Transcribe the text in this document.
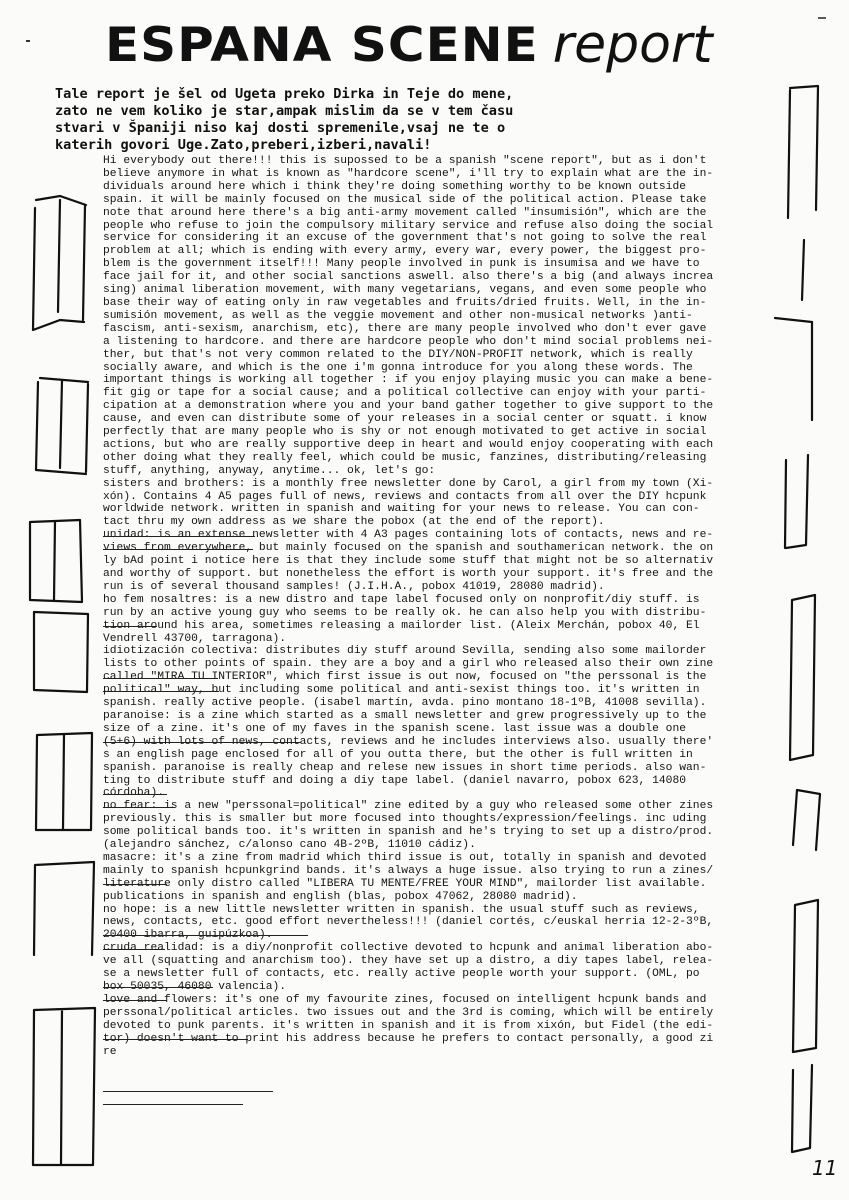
ESPANA SCENE report

Tale report je šel od Ugeta preko Dirka in Teje do mene,

zato ne vem koliko je star,ampak mislim da se v tem času

stvari v Španiji niso kaj dosti spremenile,vsaj ne te o

katerih govori Uge.Zato,preberi,izberi,navali!

Hi everybody out there!!! this is supossed to be a spanish "scene report", but as i don't

believe anymore in what is known as "hardcore scene", i'll try to explain what are the in-

dividuals around here which i think they're doing something worthy to be known outside

spain. it will be mainly focused on the musical side of the political action. Please take

note that around here there's a big anti-army movement called "insumisión", which are the

people who refuse to join the compulsory military service and refuse also doing the social

service for considering it an excuse of the government that's not going to solve the real

problem at all; which is ending with every army, every war, every power, the biggest pro-

blem is the government itself!!! Many people involved in punk is insumisa and we have to

face jail for it, and other social sanctions aswell. also there's a big (and always increa

sing) animal liberation movement, with many vegetarians, vegans, and even some people who

base their way of eating only in raw vegetables and fruits/dried fruits. Well, in the in-

sumisión movement, as well as the veggie movement and other non-musical networks )anti-

fascism, anti-sexism, anarchism, etc), there are many people involved who don't ever gave

a listening to hardcore. and there are hardcore people who don't mind social problems nei-

ther, but that's not very common related to the DIY/NON-PROFIT network, which is really

socially aware, and which is the one i'm gonna introduce for you along these words. The

important things is working all together : if you enjoy playing music you can make a bene-

fit gig or tape for a social cause; and a political collective can enjoy with your parti-

cipation at a demonstration where you and your band gather together to give support to the

cause, and even can distribute some of your releases in a social center or squatt. i know

perfectly that are many people who is shy or not enough motivated to get active in social

actions, but who are really supportive deep in heart and would enjoy cooperating with each

other doing what they really feel, which could be music, fanzines, distributing/releasing

stuff, anything, anyway, anytime... ok, let's go:

sisters and brothers: is a monthly free newsletter done by Carol, a girl from my town (Xi-

xón). Contains 4 A5 pages full of news, reviews and contacts from all over the DIY hcpunk

worldwide network. written in spanish and waiting for your news to release. You can con-

tact thru my own address as we share the pobox (at the end of the report).

unidad: is an extense newsletter with 4 A3 pages containing lots of contacts, news and re-

views from everywhere, but mainly focused on the spanish and southamerican network. the on

ly bAd point i notice here is that they include some stuff that might not be so alternativ

and worthy of support. but nonetheless the effort is worth your support. it's free and the

run is of several thousand samples! (J.I.H.A., pobox 41019, 28080 madrid).

ho fem nosaltres: is a new distro and tape label focused only on nonprofit/diy stuff. is

run by an active young guy who seems to be really ok. he can also help you with distribu-

tion around his area, sometimes releasing a mailorder list. (Aleix Merchán, pobox 40, El

Vendrell 43700, tarragona).

idiotización colectiva: distributes diy stuff around Sevilla, sending also some mailorder

lists to other points of spain. they are a boy and a girl who released also their own zine

called "MIRA TU INTERIOR", which first issue is out now, focused on "the perssonal is the

political" way, but including some political and anti-sexist things too. it's written in

spanish. really active people. (isabel martín, avda. pino montano 18-1ºB, 41008 sevilla).

paranoise: is a zine which started as a small newsletter and grew progressively up to the

size of a zine. it's one of my faves in the spanish scene. last issue was a double one

(5+6) with lots of news, contacts, reviews and he includes interviews also. usually there'

s an english page enclosed for all of you outta there, but the other is full written in

spanish. paranoise is really cheap and relese new issues in short time periods. also wan-

ting to distribute stuff and doing a diy tape label. (daniel navarro, pobox 623, 14080

córdoba).

no fear: is a new "perssonal=political" zine edited by a guy who released some other zines

previously. this is smaller but more focused into thoughts/expression/feelings. inc uding

some political bands too. it's written in spanish and he's trying to set up a distro/prod.

(alejandro sánchez, c/alonso cano 4B-2ºB, 11010 cádiz).

masacre: it's a zine from madrid which third issue is out, totally in spanish and devoted

mainly to spanish hcpunkgrind bands. it's always a huge issue. also trying to run a zines/

literature only distro called "LIBERA TU MENTE/FREE YOUR MIND", mailorder list available.

publications in spanish and english (blas, pobox 47062, 28080 madrid).

no hope: is a new little newsletter written in spanish. the usual stuff such as reviews,

news, contacts, etc. good effort nevertheless!!! (daniel cortés, c/euskal herria 12-2-3ºB,

20400 ibarra, guipúzkoa).

cruda realidad: is a diy/nonprofit collective devoted to hcpunk and animal liberation abo-

ve all (squatting and anarchism too). they have set up a distro, a diy tapes label, relea-

se a newsletter full of contacts, etc. really active people worth your support. (OML, po

box 50035, 46080 valencia).

love and flowers: it's one of my favourite zines, focused on intelligent hcpunk bands and

perssonal/political articles. two issues out and the 3rd is coming, which will be entirely

devoted to punk parents. it's written in spanish and it is from xixón, but Fidel (the edi-

tor) doesn't want to print his address because he prefers to contact personally, a good zi

re

11
